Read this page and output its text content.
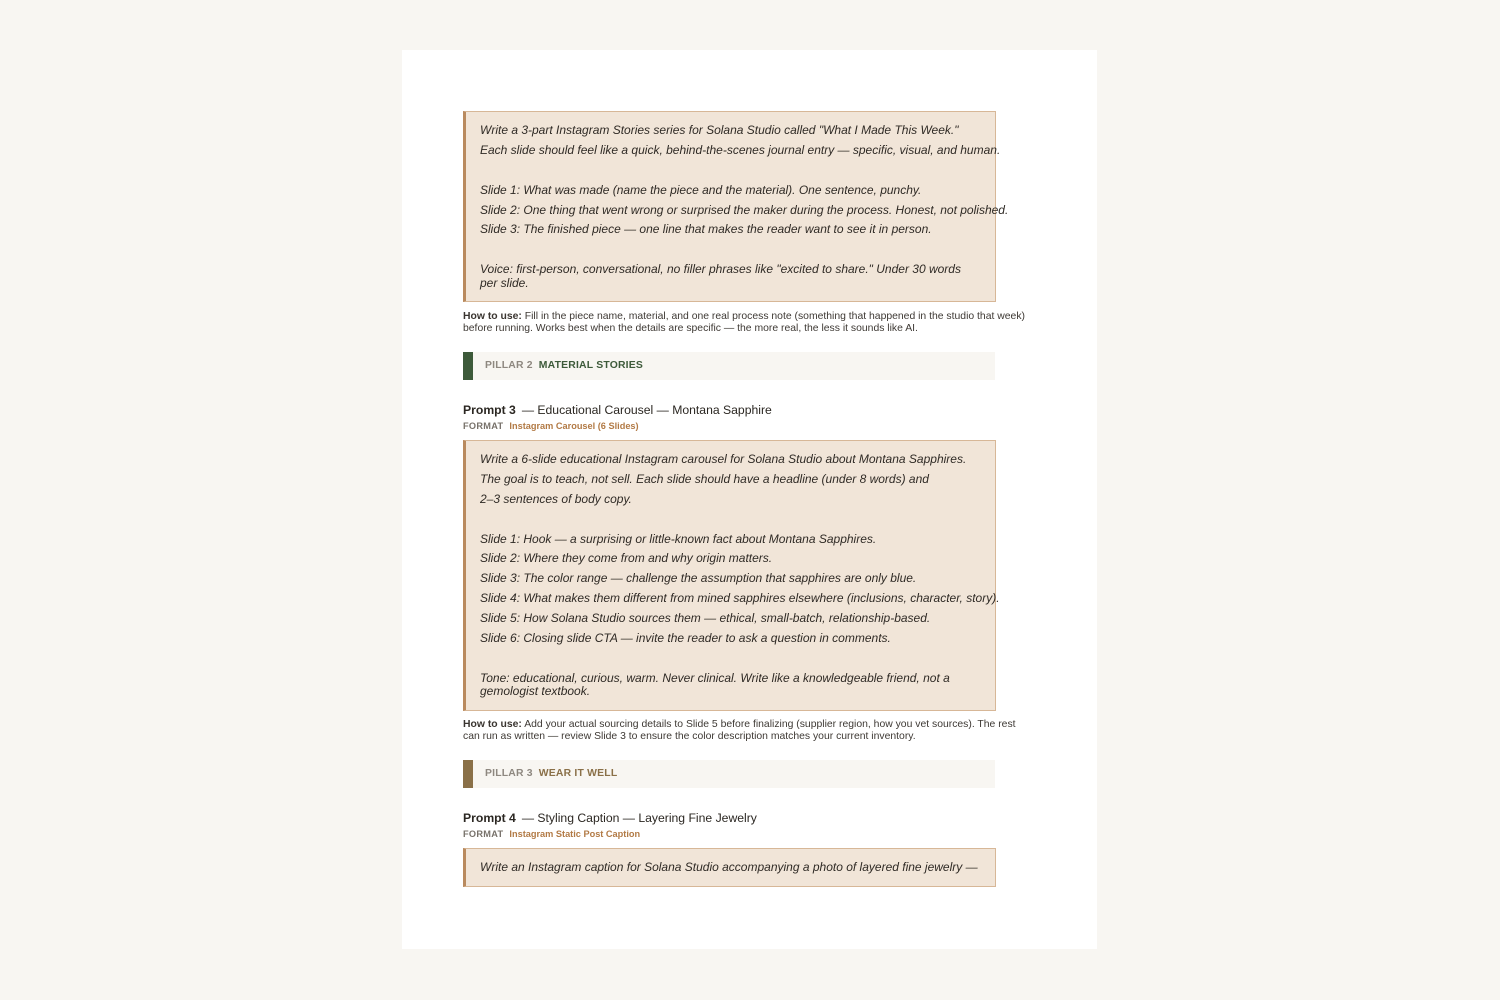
Write a 3-part Instagram Stories series for Solana Studio called "What I Made This Week."
Each slide should feel like a quick, behind-the-scenes journal entry — specific, visual, and human.
Slide 1: What was made (name the piece and the material). One sentence, punchy.
Slide 2: One thing that went wrong or surprised the maker during the process. Honest, not polished.
Slide 3: The finished piece — one line that makes the reader want to see it in person.
Voice: first-person, conversational, no filler phrases like "excited to share." Under 30 words per slide.
How to use: Fill in the piece name, material, and one real process note (something that happened in the studio that week) before running. Works best when the details are specific — the more real, the less it sounds like AI.
PILLAR 2 MATERIAL STORIES
Prompt 3 — Educational Carousel — Montana Sapphire
FORMAT Instagram Carousel (6 Slides)
Write a 6-slide educational Instagram carousel for Solana Studio about Montana Sapphires.
The goal is to teach, not sell. Each slide should have a headline (under 8 words) and
2–3 sentences of body copy.
Slide 1: Hook — a surprising or little-known fact about Montana Sapphires.
Slide 2: Where they come from and why origin matters.
Slide 3: The color range — challenge the assumption that sapphires are only blue.
Slide 4: What makes them different from mined sapphires elsewhere (inclusions, character, story).
Slide 5: How Solana Studio sources them — ethical, small-batch, relationship-based.
Slide 6: Closing slide CTA — invite the reader to ask a question in comments.
Tone: educational, curious, warm. Never clinical. Write like a knowledgeable friend, not a gemologist textbook.
How to use: Add your actual sourcing details to Slide 5 before finalizing (supplier region, how you vet sources). The rest can run as written — review Slide 3 to ensure the color description matches your current inventory.
PILLAR 3 WEAR IT WELL
Prompt 4 — Styling Caption — Layering Fine Jewelry
FORMAT Instagram Static Post Caption
Write an Instagram caption for Solana Studio accompanying a photo of layered fine jewelry —
